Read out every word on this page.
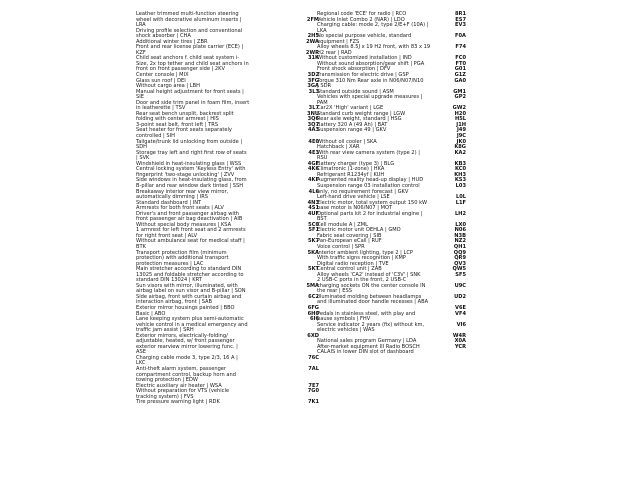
Leather trimmed multi-function steering
wheel with decorative aluminum inserts |	2FM
LRA
Driving profile selection and conventional
shock absorber | CHA	2H5
Additional winter tires | ZBR	2WA
Front and rear license plate carrier (ECE) |
KZF	2WR
Child seat anchors f. child seat system i-	31K
Size, 2x top tether and child seat anchors in
front on front passenger side | 2KV
Center console | MIX	3D2
Glass sun roof | DEI	3FG
Without cargo area | LBH	3GA
Manual height adjustment for front seats |	3L3
SIE
Door and side trim panel in foam film, insert
in leatherette | TSV	3L7
Rear seat bench unsplit, backrest split	3NU
folding with center armrest | HIS	3Q6
3-point seat belt, front left | TRS	3Q7
Seat heater for front seats separately	4A3
controlled | SIH
Tailgate/trunk lid unlocking from outside |	4E0
SDH
Storage tray left and right first row of seats	4E3
| SVK
Windshield in heat-insulating glass | WSS	4GF
Central locking system 'Keyless Entry' with	4K6
fingerprint 'two-stage unlocking' | ZVV
Side windows in heat-insulating glass, from	4KF
B-pillar and rear window dark tinted | SSH
Breakaway interior rear view mirror,	4L6
automatically dimming | IRS
Standard dashboard | INT	4N3
Armrests for both front seats | ALV	4S1
Driver's and front passenger airbag with	4UF
front passenger air bag deactivation | AIB
Without special body measures | KSA	5C0
1 armrest for left front seat and 2 armrests	5F1
for right front seat | ALV
Without ambulance seat for medical staff |	5K7
BTK
Transport protection film (minimum	5KA
protection) with additional transport
protection measures | LAC
Main stretcher according to standard DIN	5KT
13025 and foldable stretcher according to
standard DIN 13024 | KRT
Sun visors with mirror, illuminated, with	5MA
airbag label on sun visor and B-pillar | SON
Side airbag, front with curtain airbag and	6C2
interaction airbag, front | SAB
Exterior mirror housings painted | BBO	6FG
Basic | ABO	6H0
Lane keeping system plus semi-automatic	6I6
vehicle control in a medical emergency and
traffic jam assist | SRH
Exterior mirrors, electrically-folding/	6XD
adjustable, heated, w/ front passenger
exterior rearview mirror lowering func. |
ASE
Charging cable mode 3, type 2/3, 16 A |	76C
LKC
Anti-theft alarm system, passenger	7AL
compartment control, backup horn and
towing protection | EDW
Electric auxiliary air heater | WSA	7E7
Without preparation for VTS (vehicle	7G0
tracking system) | FVS
Tire pressure warning light | RDK	7K1
Regional code 'ECE' for radio | RCO	8R1
Vehicle Inlet Combo 2 (NAR) | LDO	ES7
Charging cable: mode 2, type 2/E+F (10A) |	EV3
LKA
No special purpose vehicle, standard	F0A
equipment | FZS
Alloy wheels 8.5J x 19 H2 front, with 83 x 19	F74
H2 rear | RAD
Without customized installation | IND	FC0
Without sound absorption/gear shift | PGA	FT0
Front shock absorption | DFV	G01
Transmission for electric drive | GSP	G1Z
Torque 310 Nm Rear axle in N06/N07/N10	GA0
| SDR
Standard outside sound | ASM	GM1
Vehicles with special upgrade measures |	GP2
PAM
Car2X 'High' variant | LGE	GW2
Standard curb weight range | LGW	H20
Rear axle weight, standard | HSG	H5L
Battery 320 A (49 Ah) | BAT	J1H
Suspension range 49 | GKV	J49
J9C
Without oil cooler | SKA	JK0
Hatchback | XAR	K8G
With rear view camera system (type 2) |	KA2
RSU
Battery charger (type 3) | BLG	KB3
Climatronic (1-zone) | HKA	KC0
Refrigerant R1234yf | KUH	KH3
Augmented reality head-up display | HUD	KS3
Suspension range 03 installation control	L03
only, no requirement forecast | GKV
Left-hand drive vehicle | LSE	L0L
Electric motor, total system output 150 kW	L1F
base motor is N06/N07 | MOT
Optional parts kit 2 for industrial engine |	LH2
BST
Cell module A | ZML	LX0
Electric motor unit OEHLA | GMO	N06
Fabric seat covering | SIB	N3B
Pan-European eCall | RUF	NZ2
Voice control | SPR	QH1
Interior ambient lighting, type 2 | LCP	QQ9
With traffic signs recognition | KMP	QR9
Digital radio reception | TVE	QV3
Central control unit | ZAB	QW5
Alloy wheels 'CA2' instead of 'C3V' | SNK	SF5
2 USB-C ports in the front, 2 USB-C
charging sockets ON the center console IN	U9C
the rear | ESS
Illuminated molding between headlamps	UD2
and illuminated door handle recesses | ABA
V6E
Pedals in stainless steel, with play and	VF4
pause symbols | FHV
Service indicator 2 years (fix) without km,	VI6
electric vehicles | WAS
W4R
National sales program Germany | LDA	X0A
After-market equipment III Radio BOSCH	YCR
CALAIS in lower DIN slot of dashboard
